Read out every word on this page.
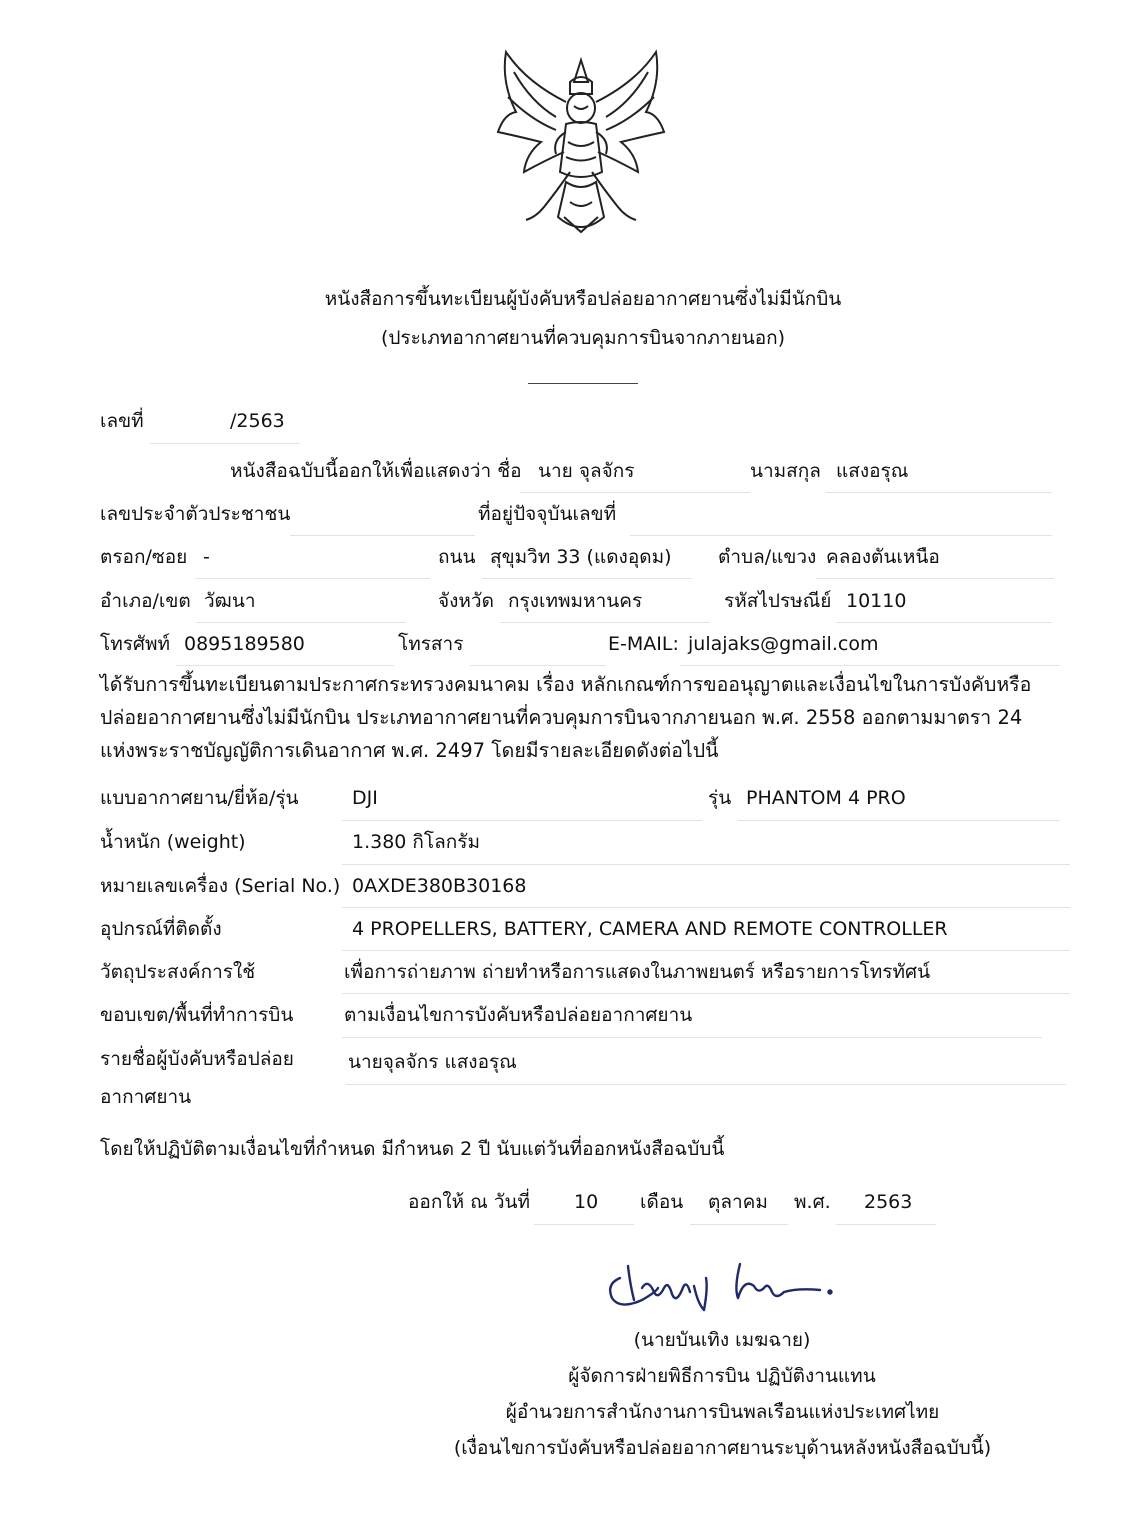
หนังสือการขึ้นทะเบียนผู้บังคับหรือปล่อยอากาศยานซึ่งไม่มีนักบิน
(ประเภทอากาศยานที่ควบคุมการบินจากภายนอก)
เลขที่	/2563
หนังสือฉบับนี้ออกให้เพื่อแสดงว่า ชื่อ นาย จุลจักร	นามสกุล แสงอรุณ
เลขประจำตัวประชาชน	ที่อยู่ปัจจุบันเลขที่
ตรอก/ซอย -	ถนน สุขุมวิท 33 (แดงอุดม) ตำบล/แขวง คลองตันเหนือ
อำเภอ/เขต วัฒนา	จังหวัด กรุงเทพมหานคร	รหัสไปรษณีย์ 10110
โทรศัพท์ 0895189580	โทรสาร	E-MAIL: julajaks@gmail.com
ได้รับการขึ้นทะเบียนตามประกาศกระทรวงคมนาคม เรื่อง หลักเกณฑ์การขออนุญาตและเงื่อนไขในการบังคับหรือ
ปล่อยอากาศยานซึ่งไม่มีนักบิน ประเภทอากาศยานที่ควบคุมการบินจากภายนอก พ.ศ. 2558 ออกตามมาตรา 24
แห่งพระราชบัญญัติการเดินอากาศ พ.ศ. 2497 โดยมีรายละเอียดดังต่อไปนี้
แบบอากาศยาน/ยี่ห้อ/รุ่น	DJI	รุ่น PHANTOM 4 PRO
น้ำหนัก (weight)	1.380 กิโลกรัม
หมายเลขเครื่อง (Serial No.) 0AXDE380B30168
อุปกรณ์ที่ติดตั้ง	4 PROPELLERS, BATTERY, CAMERA AND REMOTE CONTROLLER
วัตถุประสงค์การใช้	เพื่อการถ่ายภาพ ถ่ายทำหรือการแสดงในภาพยนตร์ หรือรายการโทรทัศน์
ขอบเขต/พื้นที่ทำการบิน	ตามเงื่อนไขการบังคับหรือปล่อยอากาศยาน
รายชื่อผู้บังคับหรือปล่อย
อากาศยาน
นายจุลจักร แสงอรุณ
โดยให้ปฏิบัติตามเงื่อนไขที่กำหนด มีกำหนด 2 ปี นับแต่วันที่ออกหนังสือฉบับนี้
ออกให้ ณ วันที่ 10 เดือน ตุลาคม พ.ศ. 2563
(นายบันเทิง เมฆฉาย)
ผู้จัดการฝ่ายพิธีการบิน ปฏิบัติงานแทน
ผู้อำนวยการสำนักงานการบินพลเรือนแห่งประเทศไทย
(เงื่อนไขการบังคับหรือปล่อยอากาศยานระบุด้านหลังหนังสือฉบับนี้)
